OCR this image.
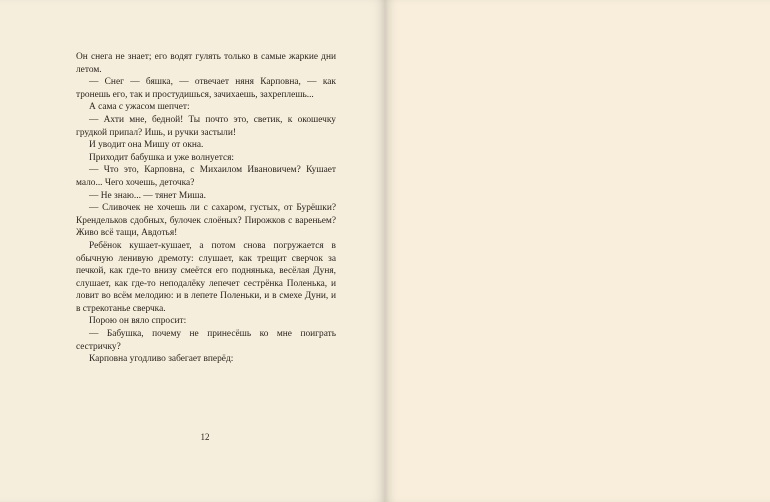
Он снега не знает; его водят гулять только в самые жаркие дни летом.

— Снег — бяшка, — отвечает няня Карповна, — как тронешь его, так и простудишься, зачихаешь, захреплешь...

А сама с ужасом шепчет:

— Ахти мне, бедной! Ты почто это, светик, к окошечку грудкой припал? Ишь, и ручки застыли!

И уводит она Мишу от окна.

Приходит бабушка и уже волнуется:

— Что это, Карповна, с Михаилом Ивановичем? Кушает мало... Чего хочешь, деточка?

— Не знаю... — тянет Миша.

— Сливочек не хочешь ли с сахаром, густых, от Бурёшки? Крендельков сдобных, булочек слоёных? Пирожков с вареньем? Живо всё тащи, Авдотья!

Ребёнок кушает-кушает, а потом снова погружается в обычную ленивую дремоту: слушает, как трещит сверчок за печкой, как где-то внизу смеётся его поднянька, весёлая Дуня, слушает, как где-то неподалёку лепечет сестрёнка Поленька, и ловит во всём мелодию: и в лепете Поленьки, и в смехе Дуни, и в стрекотанье сверчка.

Порою он вяло спросит:

— Бабушка, почему не принесёшь ко мне поиграть сестричку?

Карповна угодливо забегает вперёд:

12
